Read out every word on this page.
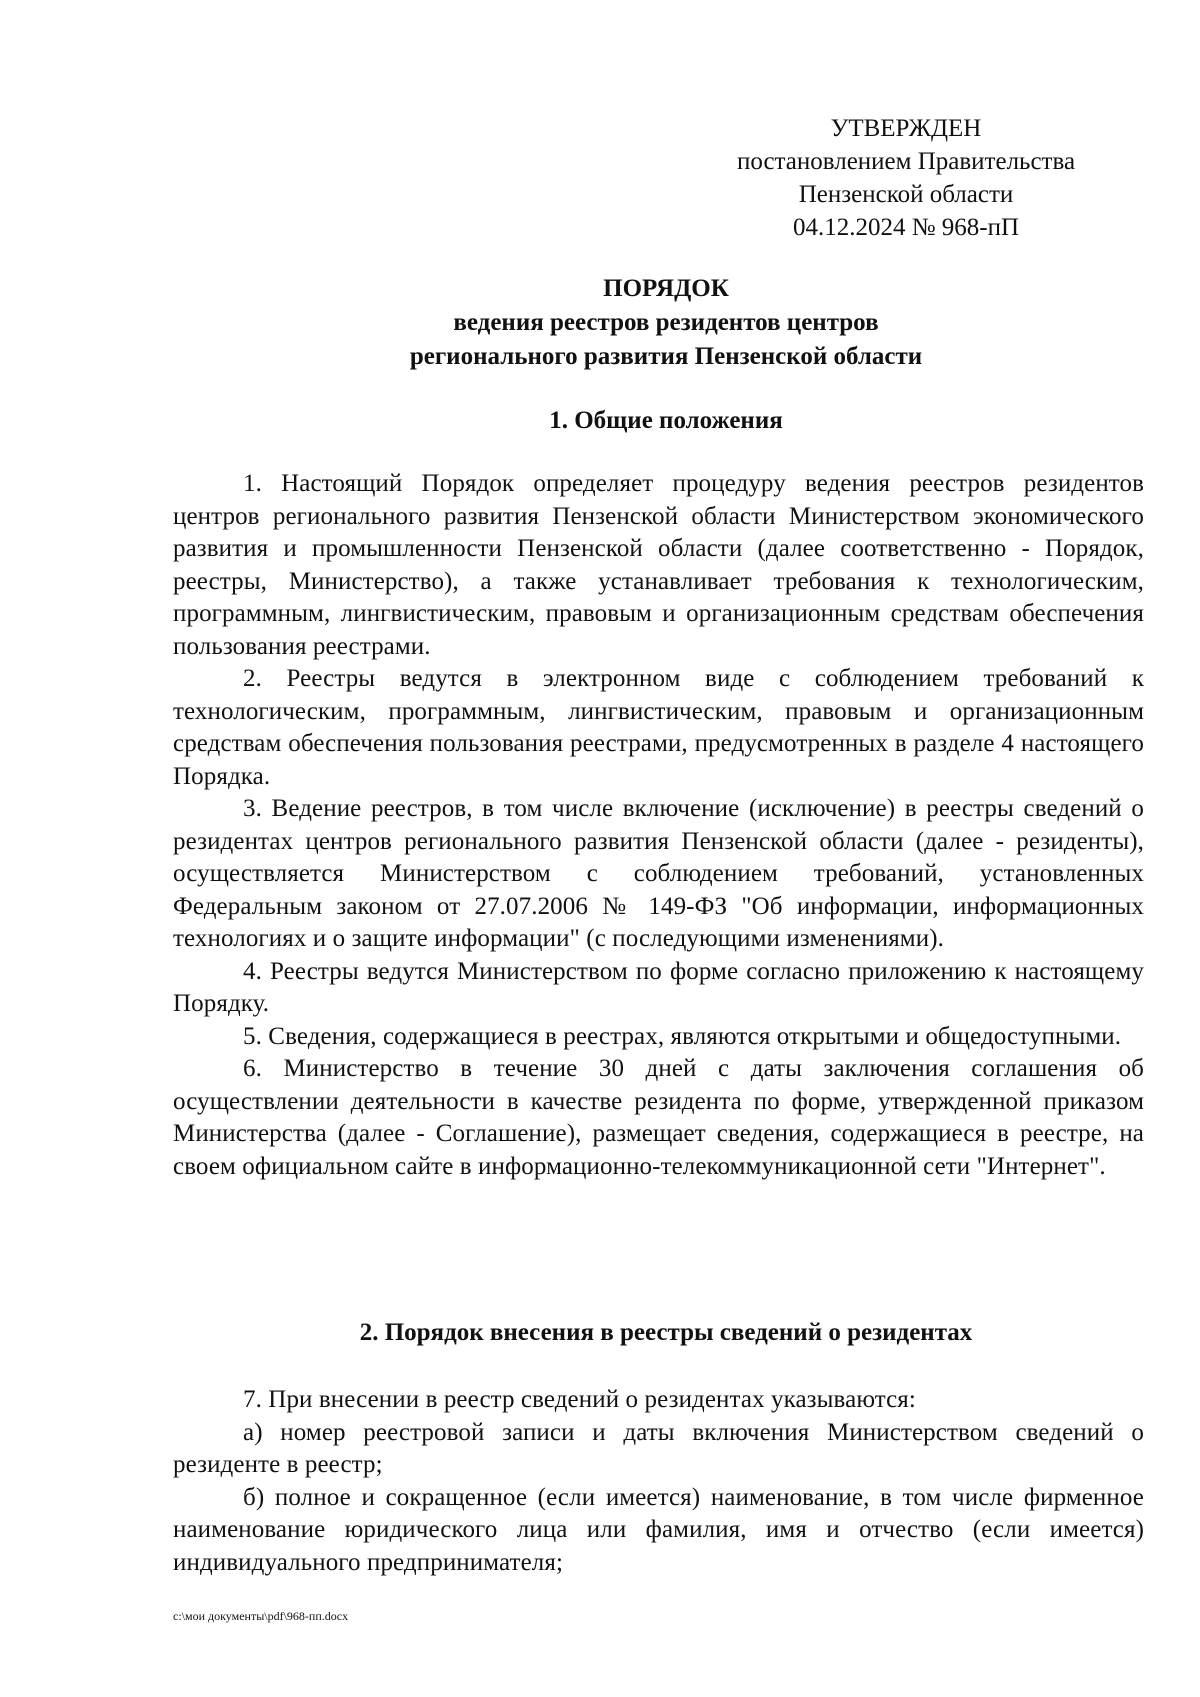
УТВЕРЖДЕН
постановлением Правительства
Пензенской области
04.12.2024 № 968-пП
ПОРЯДОК
ведения реестров резидентов центров
регионального развития Пензенской области
1. Общие положения

1. Настоящий Порядок определяет процедуру ведения реестров резидентов центров регионального развития Пензенской области Министерством экономического развития и промышленности Пензенской области (далее соответственно - Порядок, реестры, Министерство), а также устанавливает требования к технологическим, программным, лингвистическим, правовым и организационным средствам обеспечения пользования реестрами.

2. Реестры ведутся в электронном виде с соблюдением требований к технологическим, программным, лингвистическим, правовым и организационным средствам обеспечения пользования реестрами, предусмотренных в разделе 4 настоящего Порядка.

3. Ведение реестров, в том числе включение (исключение) в реестры сведений о резидентах центров регионального развития Пензенской области (далее - резиденты), осуществляется Министерством с соблюдением требований, установленных Федеральным законом от 27.07.2006 № 149-ФЗ "Об информации, информационных технологиях и о защите информации" (с последующими изменениями).

4. Реестры ведутся Министерством по форме согласно приложению к настоящему Порядку.

5. Сведения, содержащиеся в реестрах, являются открытыми и общедоступными.

6. Министерство в течение 30 дней с даты заключения соглашения об осуществлении деятельности в качестве резидента по форме, утвержденной приказом Министерства (далее - Соглашение), размещает сведения, содержащиеся в реестре, на своем официальном сайте в информационно-телекоммуникационной сети "Интернет".

2. Порядок внесения в реестры сведений о резидентах

7. При внесении в реестр сведений о резидентах указываются:

а) номер реестровой записи и даты включения Министерством сведений о резиденте в реестр;

б) полное и сокращенное (если имеется) наименование, в том числе фирменное наименование юридического лица или фамилия, имя и отчество (если имеется) индивидуального предпринимателя;

c:\мои документы\pdf\968-пп.docx
